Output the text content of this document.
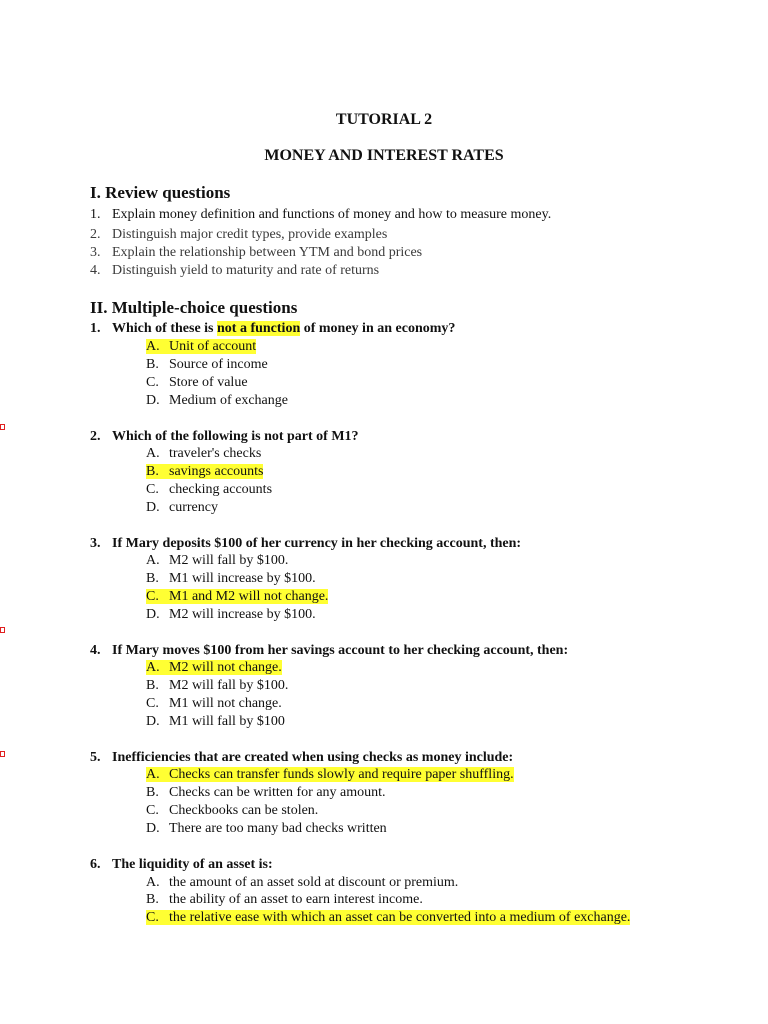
TUTORIAL 2
MONEY AND INTEREST RATES
I. Review questions
1. Explain money definition and functions of money and how to measure money.
2. Distinguish major credit types, provide examples
3. Explain the relationship between YTM and bond prices
4. Distinguish yield to maturity and rate of returns
II. Multiple-choice questions
1. Which of these is not a function of money in an economy?
A. Unit of account
B. Source of income
C. Store of value
D. Medium of exchange
2. Which of the following is not part of M1?
A. traveler's checks
B. savings accounts
C. checking accounts
D. currency
3. If Mary deposits $100 of her currency in her checking account, then:
A. M2 will fall by $100.
B. M1 will increase by $100.
C. M1 and M2 will not change.
D. M2 will increase by $100.
4. If Mary moves $100 from her savings account to her checking account, then:
A. M2 will not change.
B. M2 will fall by $100.
C. M1 will not change.
D. M1 will fall by $100
5. Inefficiencies that are created when using checks as money include:
A. Checks can transfer funds slowly and require paper shuffling.
B. Checks can be written for any amount.
C. Checkbooks can be stolen.
D. There are too many bad checks written
6. The liquidity of an asset is:
A. the amount of an asset sold at discount or premium.
B. the ability of an asset to earn interest income.
C. the relative ease with which an asset can be converted into a medium of exchange.
